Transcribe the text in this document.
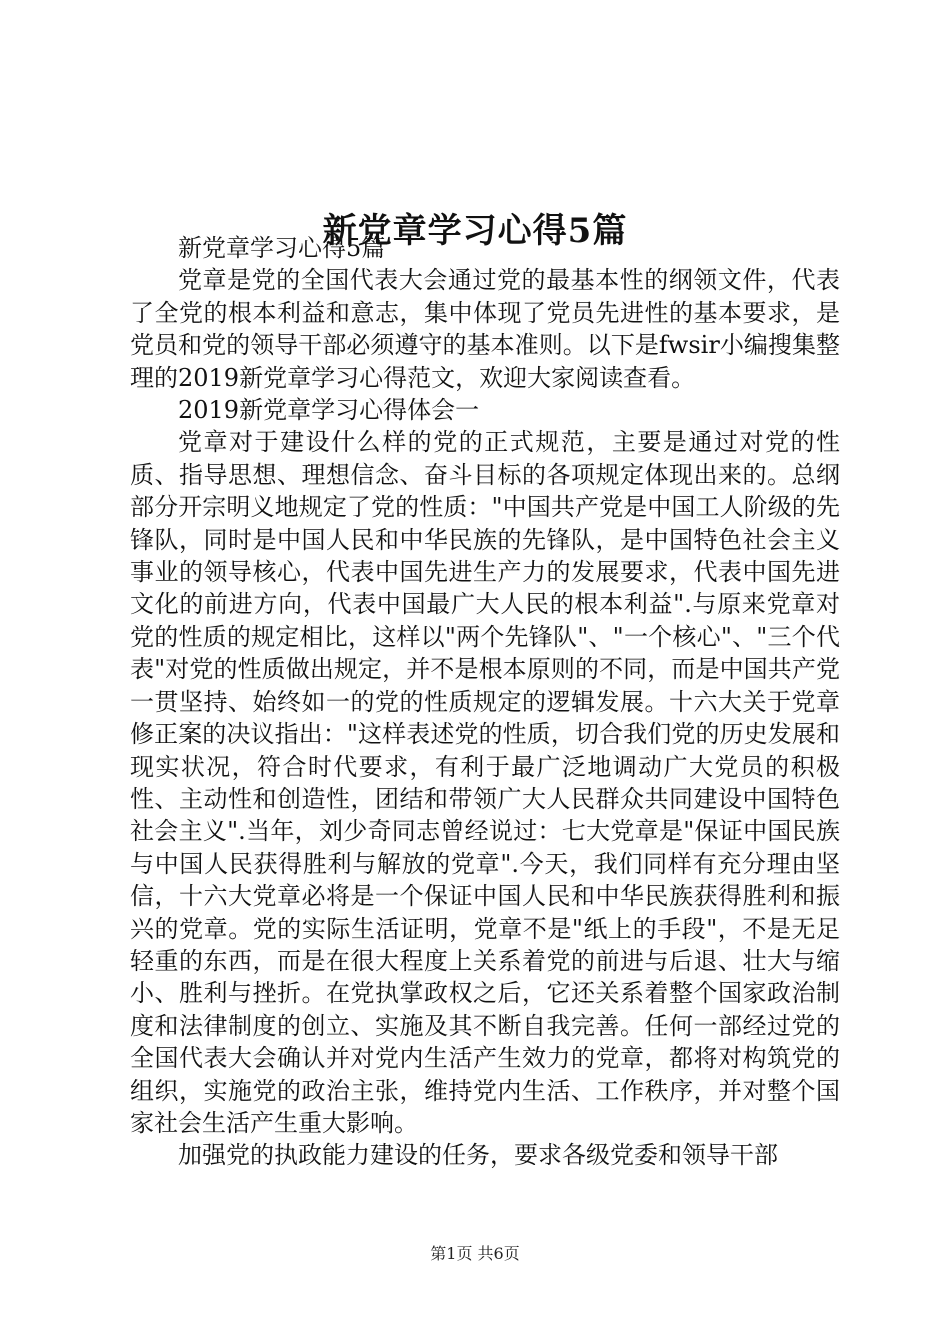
新党章学习心得5篇

新党章学习心得5篇

党章是党的全国代表大会通过党的最基本性的纲领文件，代表了全党的根本利益和意志，集中体现了党员先进性的基本要求，是党员和党的领导干部必须遵守的基本准则。以下是fwsir小编搜集整理的2019新党章学习心得范文，欢迎大家阅读查看。

2019新党章学习心得体会一

党章对于建设什么样的党的正式规范，主要是通过对党的性质、指导思想、理想信念、奋斗目标的各项规定体现出来的。总纲部分开宗明义地规定了党的性质："中国共产党是中国工人阶级的先锋队，同时是中国人民和中华民族的先锋队，是中国特色社会主义事业的领导核心，代表中国先进生产力的发展要求，代表中国先进文化的前进方向，代表中国最广大人民的根本利益".与原来党章对党的性质的规定相比，这样以"两个先锋队"、"一个核心"、"三个代表"对党的性质做出规定，并不是根本原则的不同，而是中国共产党一贯坚持、始终如一的党的性质规定的逻辑发展。十六大关于党章修正案的决议指出："这样表述党的性质，切合我们党的历史发展和现实状况，符合时代要求，有利于最广泛地调动广大党员的积极性、主动性和创造性，团结和带领广大人民群众共同建设中国特色社会主义".当年，刘少奇同志曾经说过：七大党章是"保证中国民族与中国人民获得胜利与解放的党章".今天，我们同样有充分理由坚信，十六大党章必将是一个保证中国人民和中华民族获得胜利和振兴的党章。党的实际生活证明，党章不是"纸上的手段"，不是无足轻重的东西，而是在很大程度上关系着党的前进与后退、壮大与缩小、胜利与挫折。在党执掌政权之后，它还关系着整个国家政治制度和法律制度的创立、实施及其不断自我完善。任何一部经过党的全国代表大会确认并对党内生活产生效力的党章，都将对构筑党的组织，实施党的政治主张，维持党内生活、工作秩序，并对整个国家社会生活产生重大影响。

加强党的执政能力建设的任务，要求各级党委和领导干部

第1页 共6页
